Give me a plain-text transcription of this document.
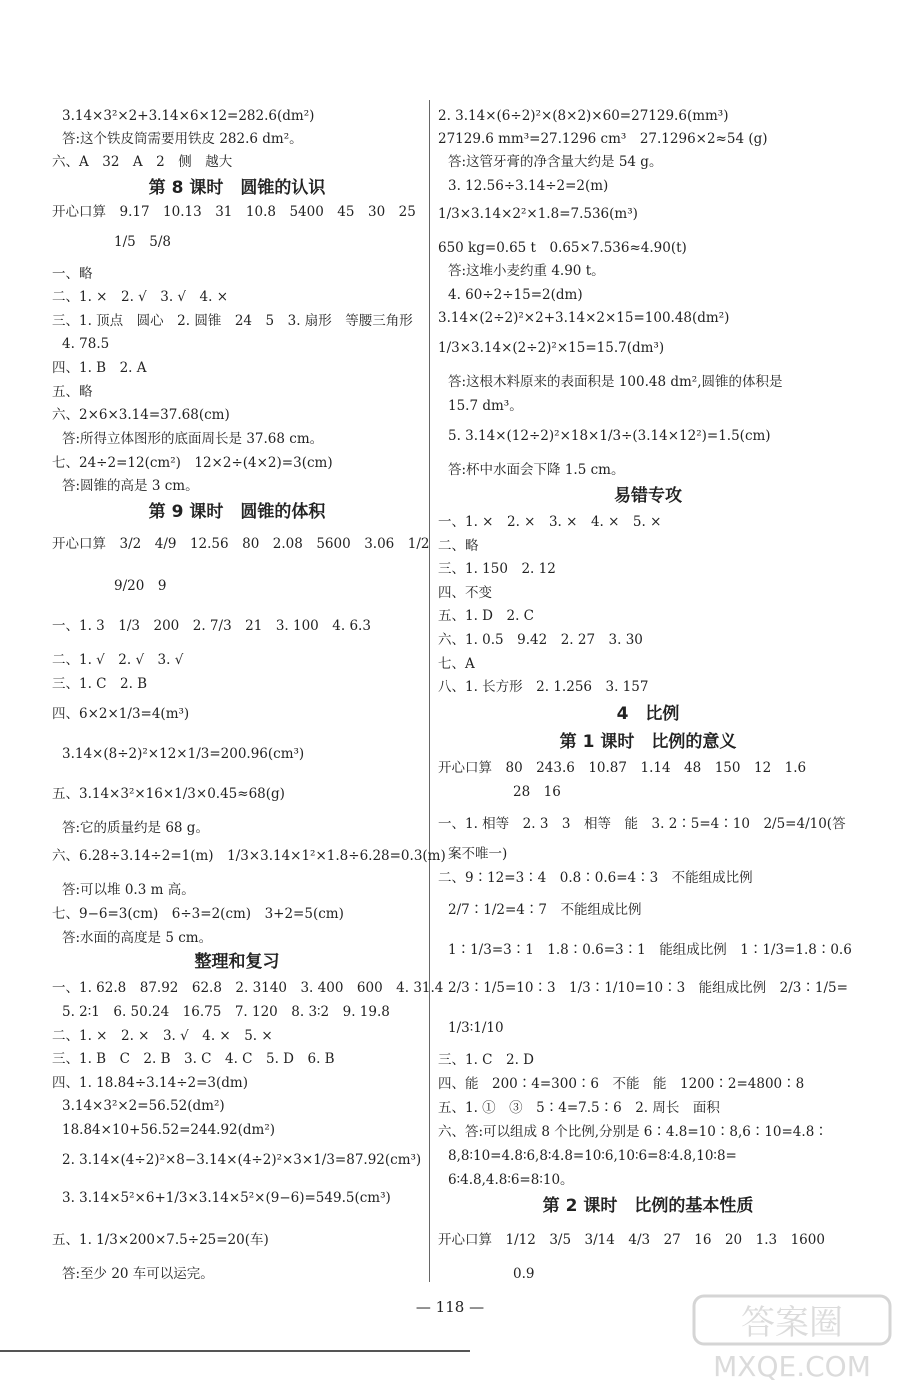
3.14×3²×2+3.14×6×12=282.6(dm²)
答:这个铁皮筒需要用铁皮 282.6 dm²。
六、A　32　A　2　侧　越大
第 8 课时　圆锥的认识
开心口算　9.17　10.13　31　10.8　5400　45　30　25
1/5　5/8
一、略
二、1. ×　2. √　3. √　4. ×
三、1. 顶点　圆心　2. 圆锥　24　5　3. 扇形　等腰三角形
4. 78.5
四、1. B　2. A
五、略
六、2×6×3.14=37.68(cm)
答:所得立体图形的底面周长是 37.68 cm。
七、24÷2=12(cm²)　12×2÷(4×2)=3(cm)
答:圆锥的高是 3 cm。
第 9 课时　圆锥的体积
开心口算　3/2　4/9　12.56　80　2.08　5600　3.06　1/2
9/20　9
一、1. 3　1/3　200　2. 7/3　21　3. 100　4. 6.3
二、1. √　2. √　3. √
三、1. C　2. B
四、6×2×1/3=4(m³)
3.14×(8÷2)²×12×1/3=200.96(cm³)
五、3.14×3²×16×1/3×0.45≈68(g)
答:它的质量约是 68 g。
六、6.28÷3.14÷2=1(m)　1/3×3.14×1²×1.8÷6.28=0.3(m)
答:可以堆 0.3 m 高。
七、9−6=3(cm)　6÷3=2(cm)　3+2=5(cm)
答:水面的高度是 5 cm。
整理和复习
一、1. 62.8　87.92　62.8　2. 3140　3. 400　600　4. 31.4
5. 2∶1　6. 50.24　16.75　7. 120　8. 3∶2　9. 19.8
二、1. ×　2. ×　3. √　4. ×　5. ×
三、1. B　C　2. B　3. C　4. C　5. D　6. B
四、1. 18.84÷3.14÷2=3(dm)
3.14×3²×2=56.52(dm²)
18.84×10+56.52=244.92(dm²)
2. 3.14×(4÷2)²×8−3.14×(4÷2)²×3×1/3=87.92(cm³)
3. 3.14×5²×6+1/3×3.14×5²×(9−6)=549.5(cm³)
五、1. 1/3×200×7.5÷25=20(车)
答:至少 20 车可以运完。
2. 3.14×(6÷2)²×(8×2)×60=27129.6(mm³)
27129.6 mm³=27.1296 cm³　27.1296×2≈54 (g)
答:这管牙膏的净含量大约是 54 g。
3. 12.56÷3.14÷2=2(m)
1/3×3.14×2²×1.8=7.536(m³)
650 kg=0.65 t　0.65×7.536≈4.90(t)
答:这堆小麦约重 4.90 t。
4. 60÷2÷15=2(dm)
3.14×(2÷2)²×2+3.14×2×15=100.48(dm²)
1/3×3.14×(2÷2)²×15=15.7(dm³)
答:这根木料原来的表面积是 100.48 dm²,圆锥的体积是
15.7 dm³。
5. 3.14×(12÷2)²×18×1/3÷(3.14×12²)=1.5(cm)
答:杯中水面会下降 1.5 cm。
易错专攻
一、1. ×　2. ×　3. ×　4. ×　5. ×
二、略
三、1. 150　2. 12
四、不变
五、1. D　2. C
六、1. 0.5　9.42　2. 27　3. 30
七、A
八、1. 长方形　2. 1.256　3. 157
4　比例
第 1 课时　比例的意义
开心口算　80　243.6　10.87　1.14　48　150　12　1.6
28　16
一、1. 相等　2. 3　3　相等　能　3. 2∶5=4∶10　2/5=4/10(答
案不唯一)
二、9∶12=3∶4　0.8∶0.6=4∶3　不能组成比例
2/7∶1/2=4∶7　不能组成比例
1∶1/3=3∶1　1.8∶0.6=3∶1　能组成比例　1∶1/3=1.8∶0.6
2/3∶1/5=10∶3　1/3∶1/10=10∶3　能组成比例　2/3∶1/5=
1/3∶1/10
三、1. C　2. D
四、能　200∶4=300∶6　不能　能　1200∶2=4800∶8
五、1. ①　③　5∶4=7.5∶6　2. 周长　面积
六、答:可以组成 8 个比例,分别是 6∶4.8=10∶8,6∶10=4.8∶
8,8∶10=4.8∶6,8∶4.8=10∶6,10∶6=8∶4.8,10∶8=
6∶4.8,4.8∶6=8∶10。
第 2 课时　比例的基本性质
开心口算　1/12　3/5　3/14　4/3　27　16　20　1.3　1600
0.9
— 118 —	答案圈
MXQE.COM
